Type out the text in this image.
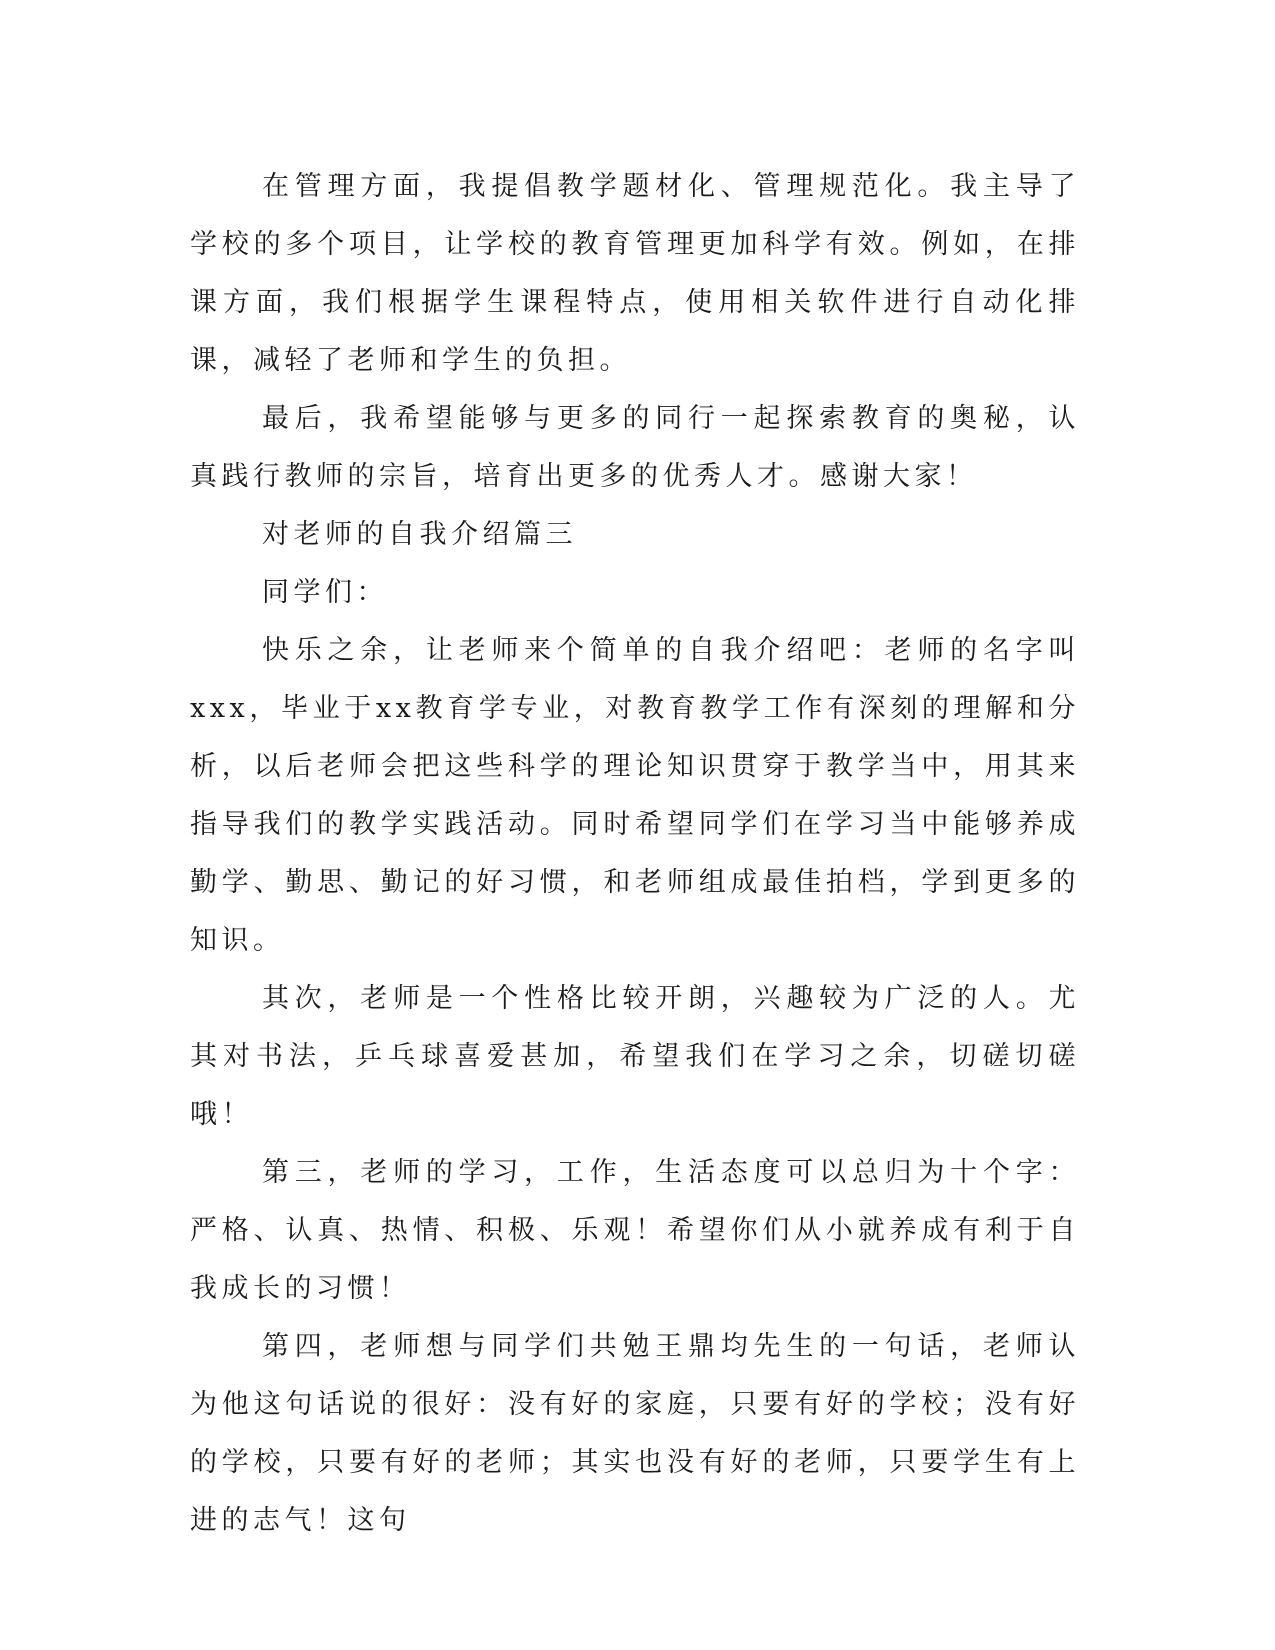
在管理方面，我提倡教学题材化、管理规范化。我主导了学校的多个项目，让学校的教育管理更加科学有效。例如，在排课方面，我们根据学生课程特点，使用相关软件进行自动化排课，减轻了老师和学生的负担。

最后，我希望能够与更多的同行一起探索教育的奥秘，认真践行教师的宗旨，培育出更多的优秀人才。感谢大家！

对老师的自我介绍篇三

同学们：

快乐之余，让老师来个简单的自我介绍吧：老师的名字叫xxx，毕业于xx教育学专业，对教育教学工作有深刻的理解和分析，以后老师会把这些科学的理论知识贯穿于教学当中，用其来指导我们的教学实践活动。同时希望同学们在学习当中能够养成勤学、勤思、勤记的好习惯，和老师组成最佳拍档，学到更多的知识。

其次，老师是一个性格比较开朗，兴趣较为广泛的人。尤其对书法，乒乓球喜爱甚加，希望我们在学习之余，切磋切磋哦！

第三，老师的学习，工作，生活态度可以总归为十个字：严格、认真、热情、积极、乐观！希望你们从小就养成有利于自我成长的习惯！

第四，老师想与同学们共勉王鼎均先生的一句话，老师认为他这句话说的很好：没有好的家庭，只要有好的学校；没有好的学校，只要有好的老师；其实也没有好的老师，只要学生有上进的志气！这句
